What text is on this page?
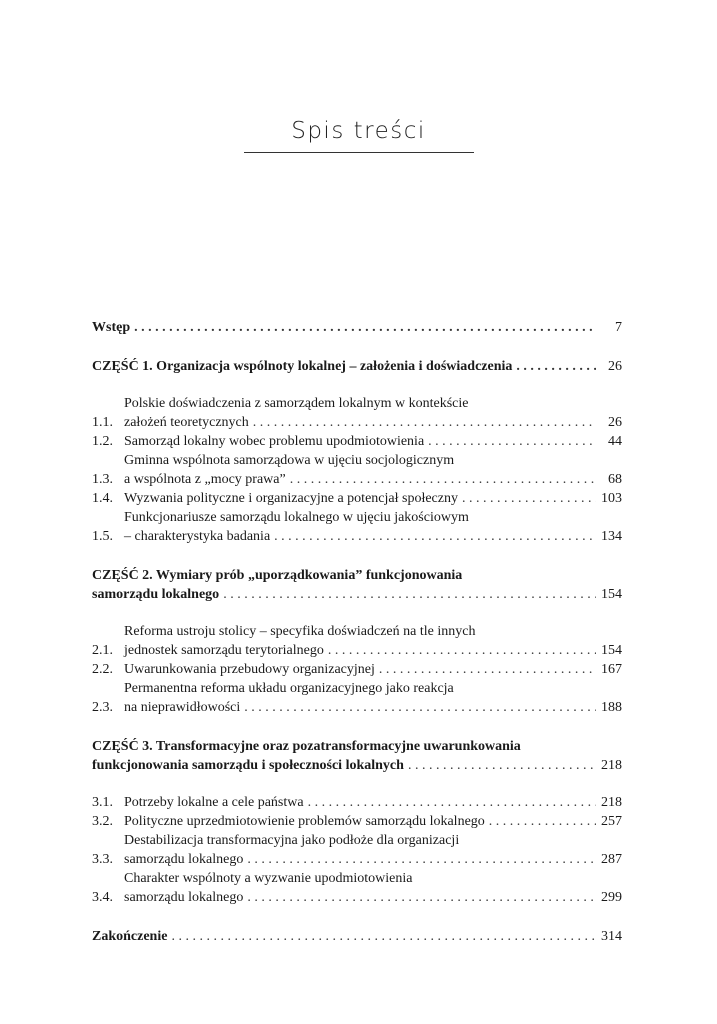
Spis treści
Wstęp . . .	7
CZĘŚĆ 1. Organizacja wspólnoty lokalnej – założenia i doświadczenia . . .	26
1.1.
Polskie doświadczenia z samorządem lokalnym w kontekście
założeń teoretycznych . . .	26
1.2. Samorząd lokalny wobec problemu upodmiotowienia . . .	44
1.3.
Gminna wspólnota samorządowa w ujęciu socjologicznym
a wspólnota z „mocy prawa” . . .	68
1.4. Wyzwania polityczne i organizacyjne a potencjał społeczny . . .	103
1.5.
Funkcjonariusze samorządu lokalnego w ujęciu jakościowym
– charakterystyka badania . . .	134
CZĘŚĆ 2. Wymiary prób „uporządkowania” funkcjonowania
samorządu lokalnego . . .	154
2.1.
Reforma ustroju stolicy – specyfika doświadczeń na tle innych
jednostek samorządu terytorialnego . . .	154
2.2. Uwarunkowania przebudowy organizacyjnej . . .	167
2.3.
Permanentna reforma układu organizacyjnego jako reakcja
na nieprawidłowości . . .	188
CZĘŚĆ 3. Transformacyjne oraz pozatransformacyjne uwarunkowania
funkcjonowania samorządu i społeczności lokalnych . . .	218
3.1. Potrzeby lokalne a cele państwa . . .	218
3.2. Polityczne uprzedmiotowienie problemów samorządu lokalnego . . .	257
3.3.
Destabilizacja transformacyjna jako podłoże dla organizacji
samorządu lokalnego . . .	287
3.4.
Charakter wspólnoty a wyzwanie upodmiotowienia
samorządu lokalnego . . .	299
Zakończenie . . .	314
